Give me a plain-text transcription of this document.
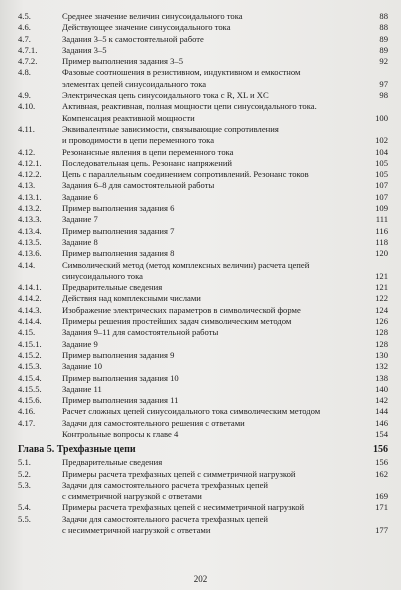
4.5.	Среднее значение величин синусоидального тока	88
4.6.	Действующее значение синусоидального тока	88
4.7.	Задания 3–5 к самостоятельной работе	89
4.7.1.	Задания 3–5	89
4.7.2.	Пример выполнения задания 3–5	92
4.8.	Фазовые соотношения в резистивном, индуктивном и емкостном
элементах цепей синусоидального тока	97
4.9.	Электрическая цепь синусоидального тока с R, XL и XC	98
4.10.	Активная, реактивная, полная мощности цепи синусоидального тока.
Компенсация реактивной мощности	100
4.11.	Эквивалентные зависимости, связывающие сопротивления
и проводимости в цепи переменного тока	102
4.12.	Резонансные явления в цепи переменного тока	104
4.12.1. Последовательная цепь. Резонанс напряжений	105
4.12.2. Цепь с параллельным соединением сопротивлений. Резонанс токов	105
4.13.	Задания 6–8 для самостоятельной работы	107
4.13.1. Задание 6	107
4.13.2. Пример выполнения задания 6	109
4.13.3. Задание 7	111
4.13.4. Пример выполнения задания 7	116
4.13.5. Задание 8	118
4.13.6. Пример выполнения задания 8	120
4.14.	Символический метод (метод комплексных величин) расчета цепей
синусоидального тока	121
4.14.1. Предварительные сведения	121
4.14.2. Действия над комплексными числами	122
4.14.3. Изображение электрических параметров в символической форме	124
4.14.4. Примеры решения простейших задач символическим методом	126
4.15.	Задания 9–11 для самостоятельной работы	128
4.15.1. Задание 9	128
4.15.2. Пример выполнения задания 9	130
4.15.3. Задание 10	132
4.15.4. Пример выполнения задания 10	138
4.15.5. Задание 11	140
4.15.6. Пример выполнения задания 11	142
4.16.	Расчет сложных цепей синусоидального тока символическим методом	144
4.17.	Задачи для самостоятельного решения с ответами	146
Контрольные вопросы к главе 4	154
Глава 5. Трехфазные цепи	156
5.1.	Предварительные сведения	156
5.2.	Примеры расчета трехфазных цепей с симметричной нагрузкой	162
5.3.	Задачи для самостоятельного расчета трехфазных цепей
с симметричной нагрузкой с ответами	169
5.4.	Примеры расчета трехфазных цепей с несимметричной нагрузкой	171
5.5.	Задачи для самостоятельного расчета трехфазных цепей
с несимметричной нагрузкой с ответами	177
202
